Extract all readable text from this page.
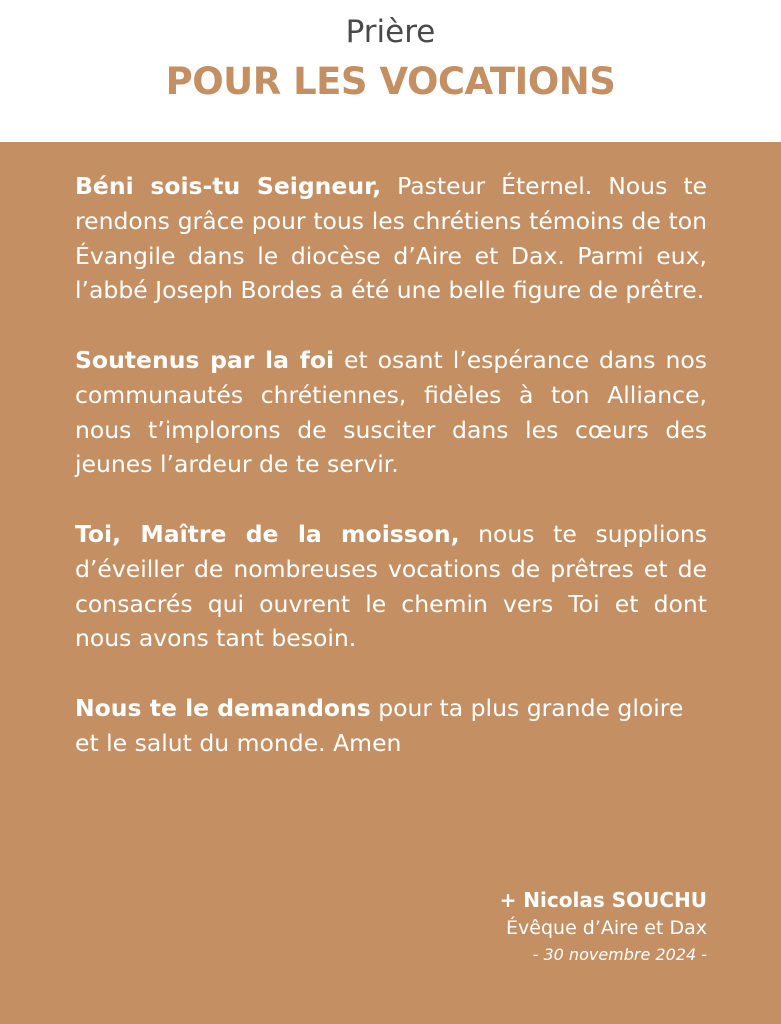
Prière
POUR LES VOCATIONS

Béni sois-tu Seigneur, Pasteur Éternel. Nous te rendons grâce pour tous les chrétiens témoins de ton Évangile dans le diocèse d’Aire et Dax. Parmi eux, l’abbé Joseph Bordes a été une belle figure de prêtre.

Soutenus par la foi et osant l’espérance dans nos communautés chrétiennes, fidèles à ton Alliance, nous t’implorons de susciter dans les cœurs des jeunes l’ardeur de te servir.

Toi, Maître de la moisson, nous te supplions d’éveiller de nombreuses vocations de prêtres et de consacrés qui ouvrent le chemin vers Toi et dont nous avons tant besoin.

Nous te le demandons pour ta plus grande gloire et le salut du monde. Amen

+ Nicolas SOUCHU
Évêque d’Aire et Dax
- 30 novembre 2024 -
